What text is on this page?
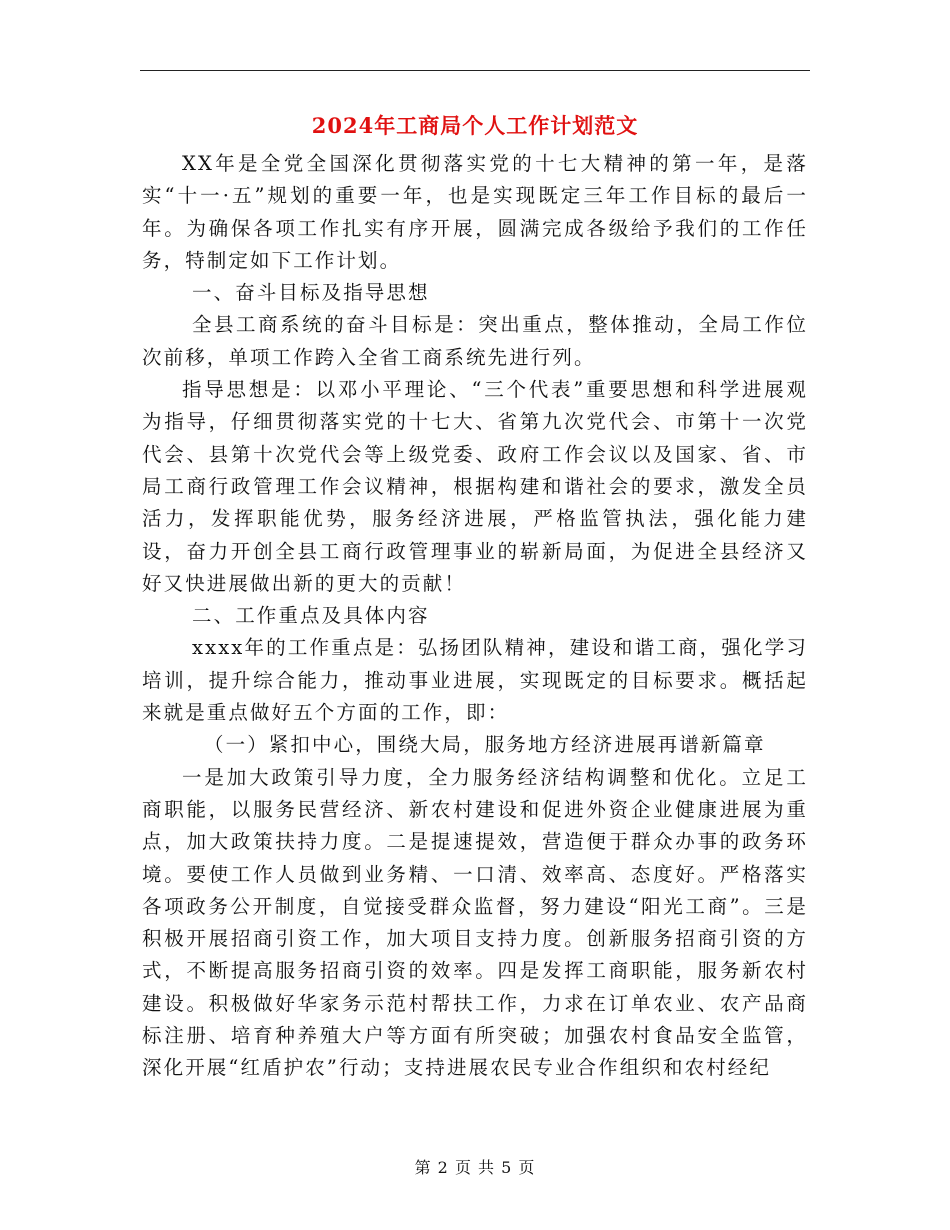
2024年工商局个人工作计划范文

XX年是全党全国深化贯彻落实党的十七大精神的第一年，是落实“十一·五”规划的重要一年，也是实现既定三年工作目标的最后一年。为确保各项工作扎实有序开展，圆满完成各级给予我们的工作任务，特制定如下工作计划。

一、奋斗目标及指导思想

全县工商系统的奋斗目标是：突出重点，整体推动，全局工作位次前移，单项工作跨入全省工商系统先进行列。

指导思想是：以邓小平理论、“三个代表”重要思想和科学进展观为指导，仔细贯彻落实党的十七大、省第九次党代会、市第十一次党代会、县第十次党代会等上级党委、政府工作会议以及国家、省、市局工商行政管理工作会议精神，根据构建和谐社会的要求，激发全员活力，发挥职能优势，服务经济进展，严格监管执法，强化能力建设，奋力开创全县工商行政管理事业的崭新局面，为促进全县经济又好又快进展做出新的更大的贡献！

二、工作重点及具体内容

xxxx年的工作重点是：弘扬团队精神，建设和谐工商，强化学习培训，提升综合能力，推动事业进展，实现既定的目标要求。概括起来就是重点做好五个方面的工作，即：

（一）紧扣中心，围绕大局，服务地方经济进展再谱新篇章

一是加大政策引导力度，全力服务经济结构调整和优化。立足工商职能，以服务民营经济、新农村建设和促进外资企业健康进展为重点，加大政策扶持力度。二是提速提效，营造便于群众办事的政务环境。要使工作人员做到业务精、一口清、效率高、态度好。严格落实各项政务公开制度，自觉接受群众监督，努力建设“阳光工商”。三是积极开展招商引资工作，加大项目支持力度。创新服务招商引资的方式，不断提高服务招商引资的效率。四是发挥工商职能，服务新农村建设。积极做好华家务示范村帮扶工作，力求在订单农业、农产品商标注册、培育种养殖大户等方面有所突破；加强农村食品安全监管，深化开展“红盾护农”行动；支持进展农民专业合作组织和农村经纪

第 2 页 共 5 页
